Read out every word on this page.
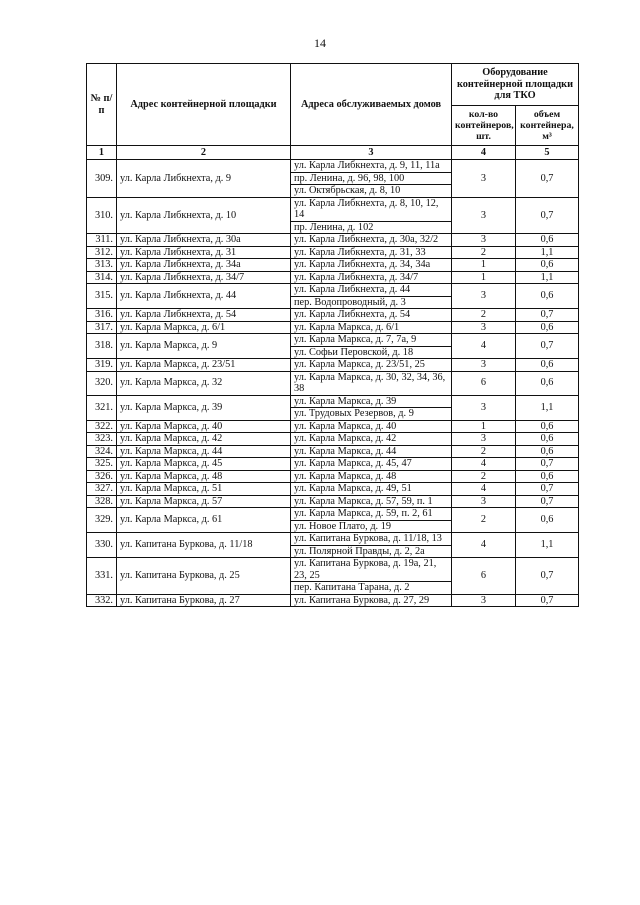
14
№ п/п	Адрес контейнерной площадки	Адреса обслуживаемых домов	Оборудование контейнерной площадки для ТКО	
			кол-во контейнеров, шт.	объем контейнера, м³
1	2	3	4	5
309.	ул. Карла Либкнехта, д. 9	ул. Карла Либкнехта, д. 9, 11, 11а	3	0,7
		пр. Ленина, д. 96, 98, 100		
		ул. Октябрьская, д. 8, 10		
310.	ул. Карла Либкнехта, д. 10	ул. Карла Либкнехта, д. 8, 10, 12, 14	3	0,7
		пр. Ленина, д. 102		
311.	ул. Карла Либкнехта, д. 30а	ул. Карла Либкнехта, д. 30а, 32/2	3	0,6
312.	ул. Карла Либкнехта, д. 31	ул. Карла Либкнехта, д. 31, 33	2	1,1
313.	ул. Карла Либкнехта, д. 34а	ул. Карла Либкнехта, д. 34, 34а	1	0,6
314.	ул. Карла Либкнехта, д. 34/7	ул. Карла Либкнехта, д. 34/7	1	1,1
315.	ул. Карла Либкнехта, д. 44	ул. Карла Либкнехта, д. 44	3	0,6
		пер. Водопроводный, д. 3		
316.	ул. Карла Либкнехта, д. 54	ул. Карла Либкнехта, д. 54	2	0,7
317.	ул. Карла Маркса, д. 6/1	ул. Карла Маркса, д. 6/1	3	0,6
318.	ул. Карла Маркса, д. 9	ул. Карла Маркса, д. 7, 7а, 9	4	0,7
		ул. Софьи Перовской, д. 18		
319.	ул. Карла Маркса, д. 23/51	ул. Карла Маркса, д. 23/51, 25	3	0,6
320.	ул. Карла Маркса, д. 32	ул. Карла Маркса, д. 30, 32, 34, 36, 38	6	0,6
321.	ул. Карла Маркса, д. 39	ул. Карла Маркса, д. 39	3	1,1
		ул. Трудовых Резервов, д. 9		
322.	ул. Карла Маркса, д. 40	ул. Карла Маркса, д. 40	1	0,6
323.	ул. Карла Маркса, д. 42	ул. Карла Маркса, д. 42	3	0,6
324.	ул. Карла Маркса, д. 44	ул. Карла Маркса, д. 44	2	0,6
325.	ул. Карла Маркса, д. 45	ул. Карла Маркса, д. 45, 47	4	0,7
326.	ул. Карла Маркса, д. 48	ул. Карла Маркса, д. 48	2	0,6
327.	ул. Карла Маркса, д. 51	ул. Карла Маркса, д. 49, 51	4	0,7
328.	ул. Карла Маркса, д. 57	ул. Карла Маркса, д. 57, 59, п. 1	3	0,7
329.	ул. Карла Маркса, д. 61	ул. Карла Маркса, д. 59, п. 2, 61	2	0,6
		ул. Новое Плато, д. 19		
330.	ул. Капитана Буркова, д. 11/18	ул. Капитана Буркова, д. 11/18, 13	4	1,1
		ул. Полярной Правды, д. 2, 2а		
331.	ул. Капитана Буркова, д. 25	ул. Капитана Буркова, д. 19а, 21, 23, 25	6	0,7
		пер. Капитана Тарана, д. 2		
332.	ул. Капитана Буркова, д. 27	ул. Капитана Буркова, д. 27, 29	3	0,7
